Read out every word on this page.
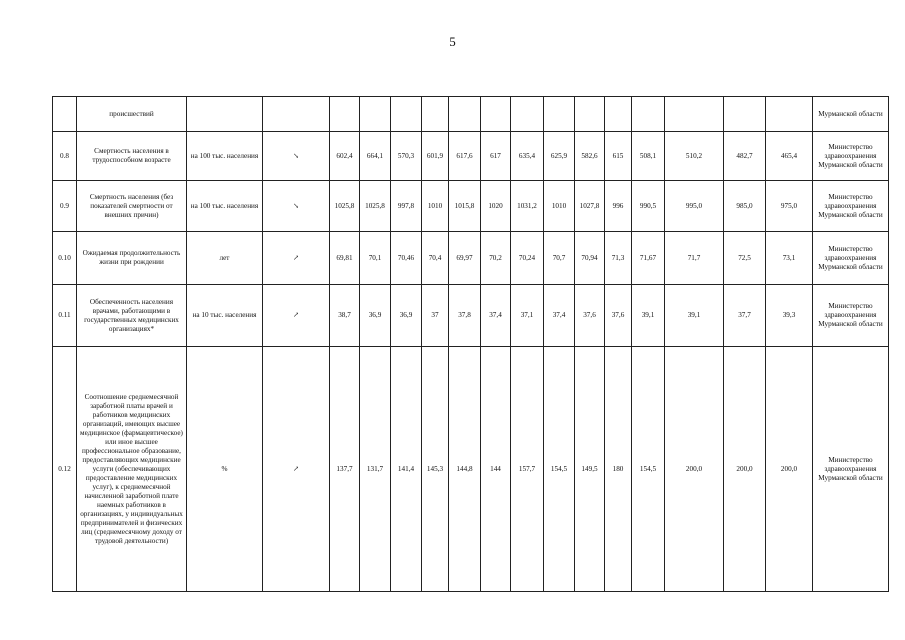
5
	происшествий																	Мурманской области
0.8	Смертность населения в трудоспособном возрасте	на 100 тыс. населения	↘	602,4	664,1	570,3	601,9	617,6	617	635,4	625,9	582,6	615	508,1	510,2	482,7	465,4	Министерство здравоохранения Мурманской области
0.9	Смертность населения (без показателей смертности от внешних причин)	на 100 тыс. населения	↘	1025,8	1025,8	997,8	1010	1015,8	1020	1031,2	1010	1027,8	996	990,5	995,0	985,0	975,0	Министерство здравоохранения Мурманской области
0.10	Ожидаемая продолжительность жизни при рождении	лет	↗	69,81	70,1	70,46	70,4	69,97	70,2	70,24	70,7	70,94	71,3	71,67	71,7	72,5	73,1	Министерство здравоохранения Мурманской области
0.11	Обеспеченность населения врачами, работающими в государственных медицинских организациях*	на 10 тыс. населения	↗	38,7	36,9	36,9	37	37,8	37,4	37,1	37,4	37,6	37,6	39,1	39,1	37,7	39,3	Министерство здравоохранения Мурманской области
0.12	Соотношение среднемесячной заработной платы врачей и работников медицинских организаций, имеющих высшее медицинское (фармацевтическое) или иное высшее профессиональное образование, предоставляющих медицинские услуги (обеспечивающих предоставление медицинских услуг), к среднемесячной начисленной заработной плате наемных работников в организациях, у индивидуальных предпринимателей и физических лиц (среднемесячному доходу от трудовой деятельности)	%	↗	137,7	131,7	141,4	145,3	144,8	144	157,7	154,5	149,5	180	154,5	200,0	200,0	200,0	Министерство здравоохранения Мурманской области
